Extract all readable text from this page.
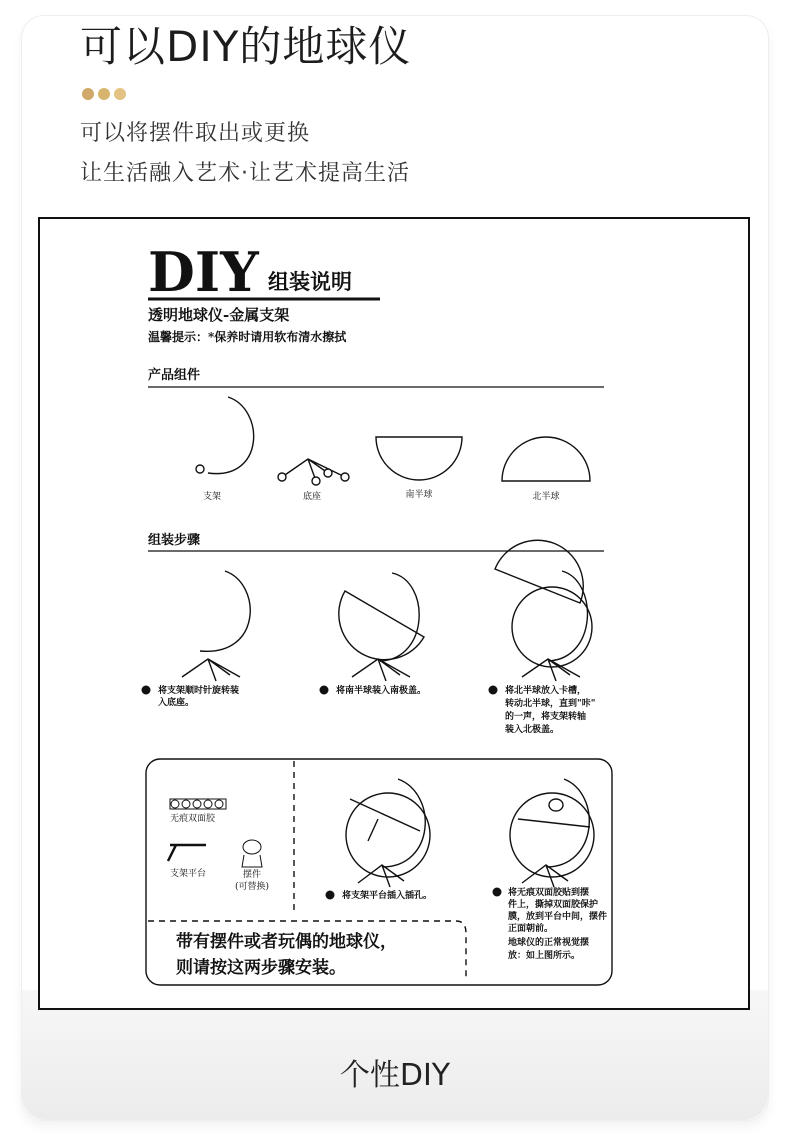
可以DIY的地球仪
可以将摆件取出或更换
让生活融入艺术·让艺术提高生活
DIY 组装说明
透明地球仪-金属支架
温馨提示：*保养时请用软布清水擦拭
产品组件
支架	底座	南半球	北半球
组装步骤
将支架顺时针旋转装
入底座。
将南半球装入南极盖。	将北半球放入卡槽，
转动北半球，直到"咔"
的一声，将支架转轴
装入北极盖。
无痕双面胶
支架平台	摆件
(可替换)
将支架平台插入插孔。	将无痕双面胶贴到摆
件上，撕掉双面胶保护
膜，放到平台中间，摆件
正面朝前。
地球仪的正常视觉摆
放：如上图所示。
带有摆件或者玩偶的地球仪，
则请按这两步骤安装。
个性DIY
